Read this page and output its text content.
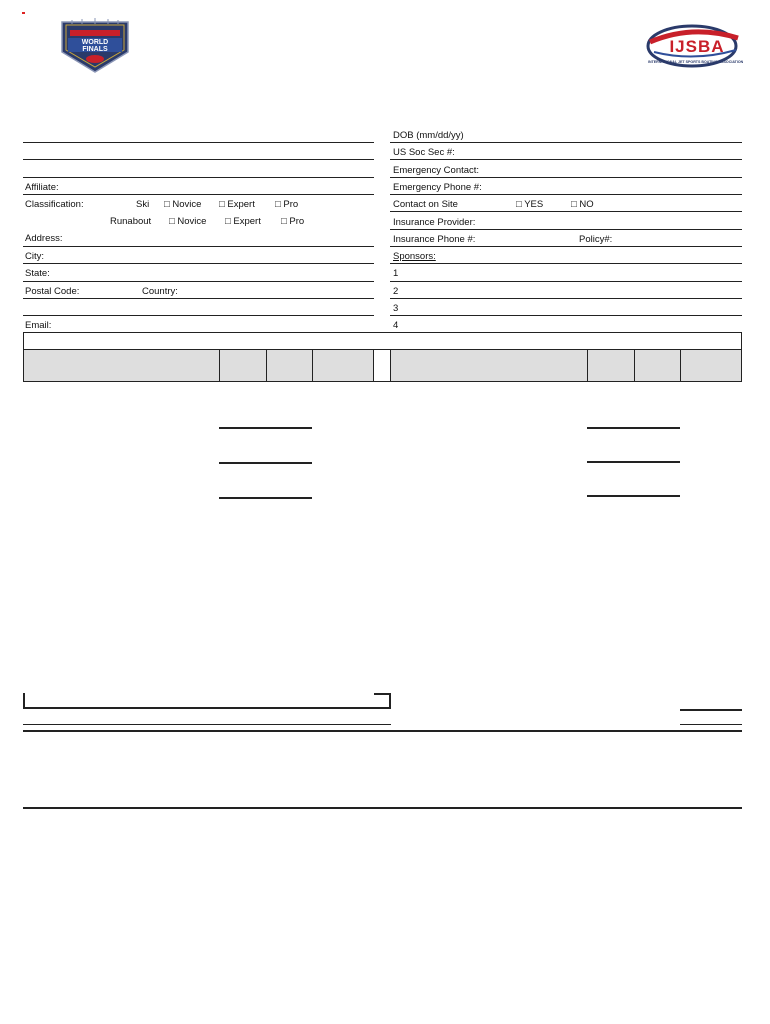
WORLD FINALS	IJSBA
INTERNATIONAL JET SPORTS BOATING ASSOCIATION
Affiliate:
Classification:	Ski □ Novice □ Expert □ Pro
Runabout □ Novice □ Expert □ Pro
Address:
City:
State:
Postal Code:	Country:
Email:
DOB (mm/dd/yy)
US Soc Sec #:
Emergency Contact:
Emergency Phone #:
Contact on Site	□ YES	□ NO
Insurance Provider:
Insurance Phone #:	Policy#:
Sponsors:
1
2
3
4
